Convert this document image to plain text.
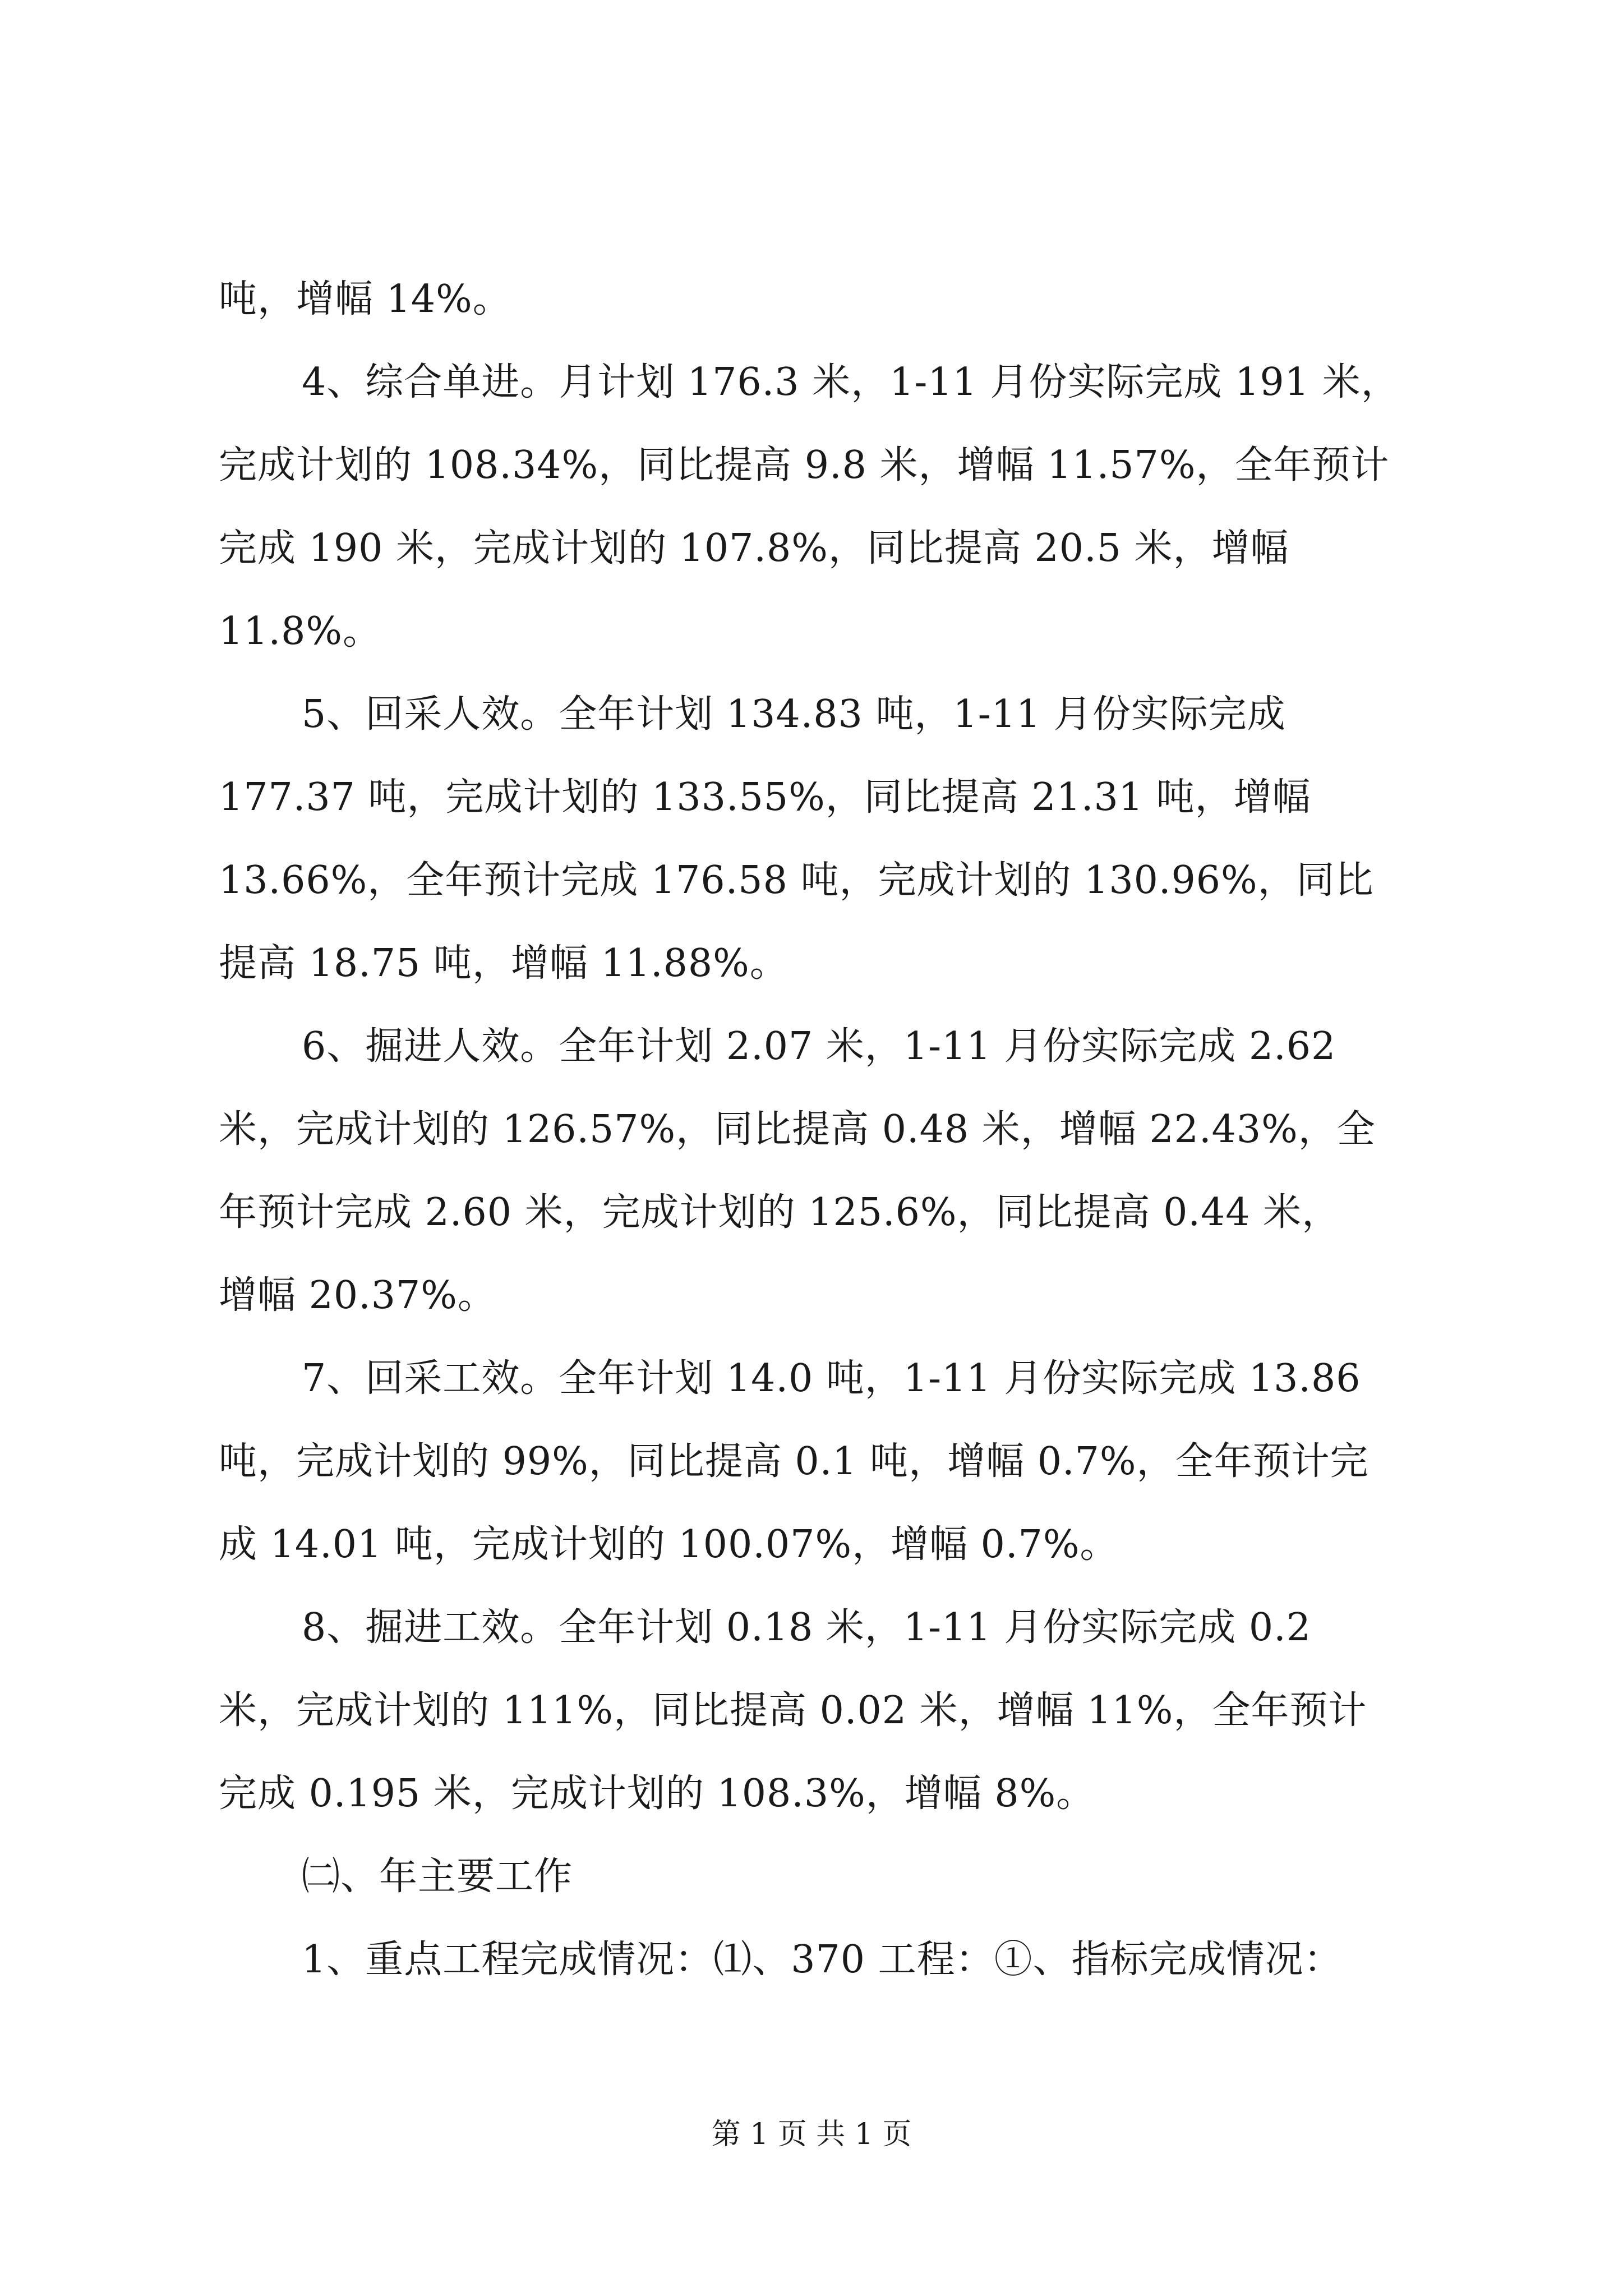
吨，增幅 14%。
4、综合单进。月计划 176.3 米，1-11 月份实际完成 191 米，
完成计划的 108.34%，同比提高 9.8 米，增幅 11.57%，全年预计
完成 190 米，完成计划的 107.8%，同比提高 20.5 米，增幅
11.8%。
5、回采人效。全年计划 134.83 吨，1-11 月份实际完成
177.37 吨，完成计划的 133.55%，同比提高 21.31 吨，增幅
13.66%，全年预计完成 176.58 吨，完成计划的 130.96%，同比
提高 18.75 吨，增幅 11.88%。
6、掘进人效。全年计划 2.07 米，1-11 月份实际完成 2.62
米，完成计划的 126.57%，同比提高 0.48 米，增幅 22.43%，全
年预计完成 2.60 米，完成计划的 125.6%，同比提高 0.44 米，
增幅 20.37%。
7、回采工效。全年计划 14.0 吨，1-11 月份实际完成 13.86
吨，完成计划的 99%，同比提高 0.1 吨，增幅 0.7%，全年预计完
成 14.01 吨，完成计划的 100.07%，增幅 0.7%。
8、掘进工效。全年计划 0.18 米，1-11 月份实际完成 0.2
米，完成计划的 111%，同比提高 0.02 米，增幅 11%，全年预计
完成 0.195 米，完成计划的 108.3%，增幅 8%。
㈡、年主要工作
1、重点工程完成情况：⑴、370 工程：①、指标完成情况：
第 1 页 共 1 页
